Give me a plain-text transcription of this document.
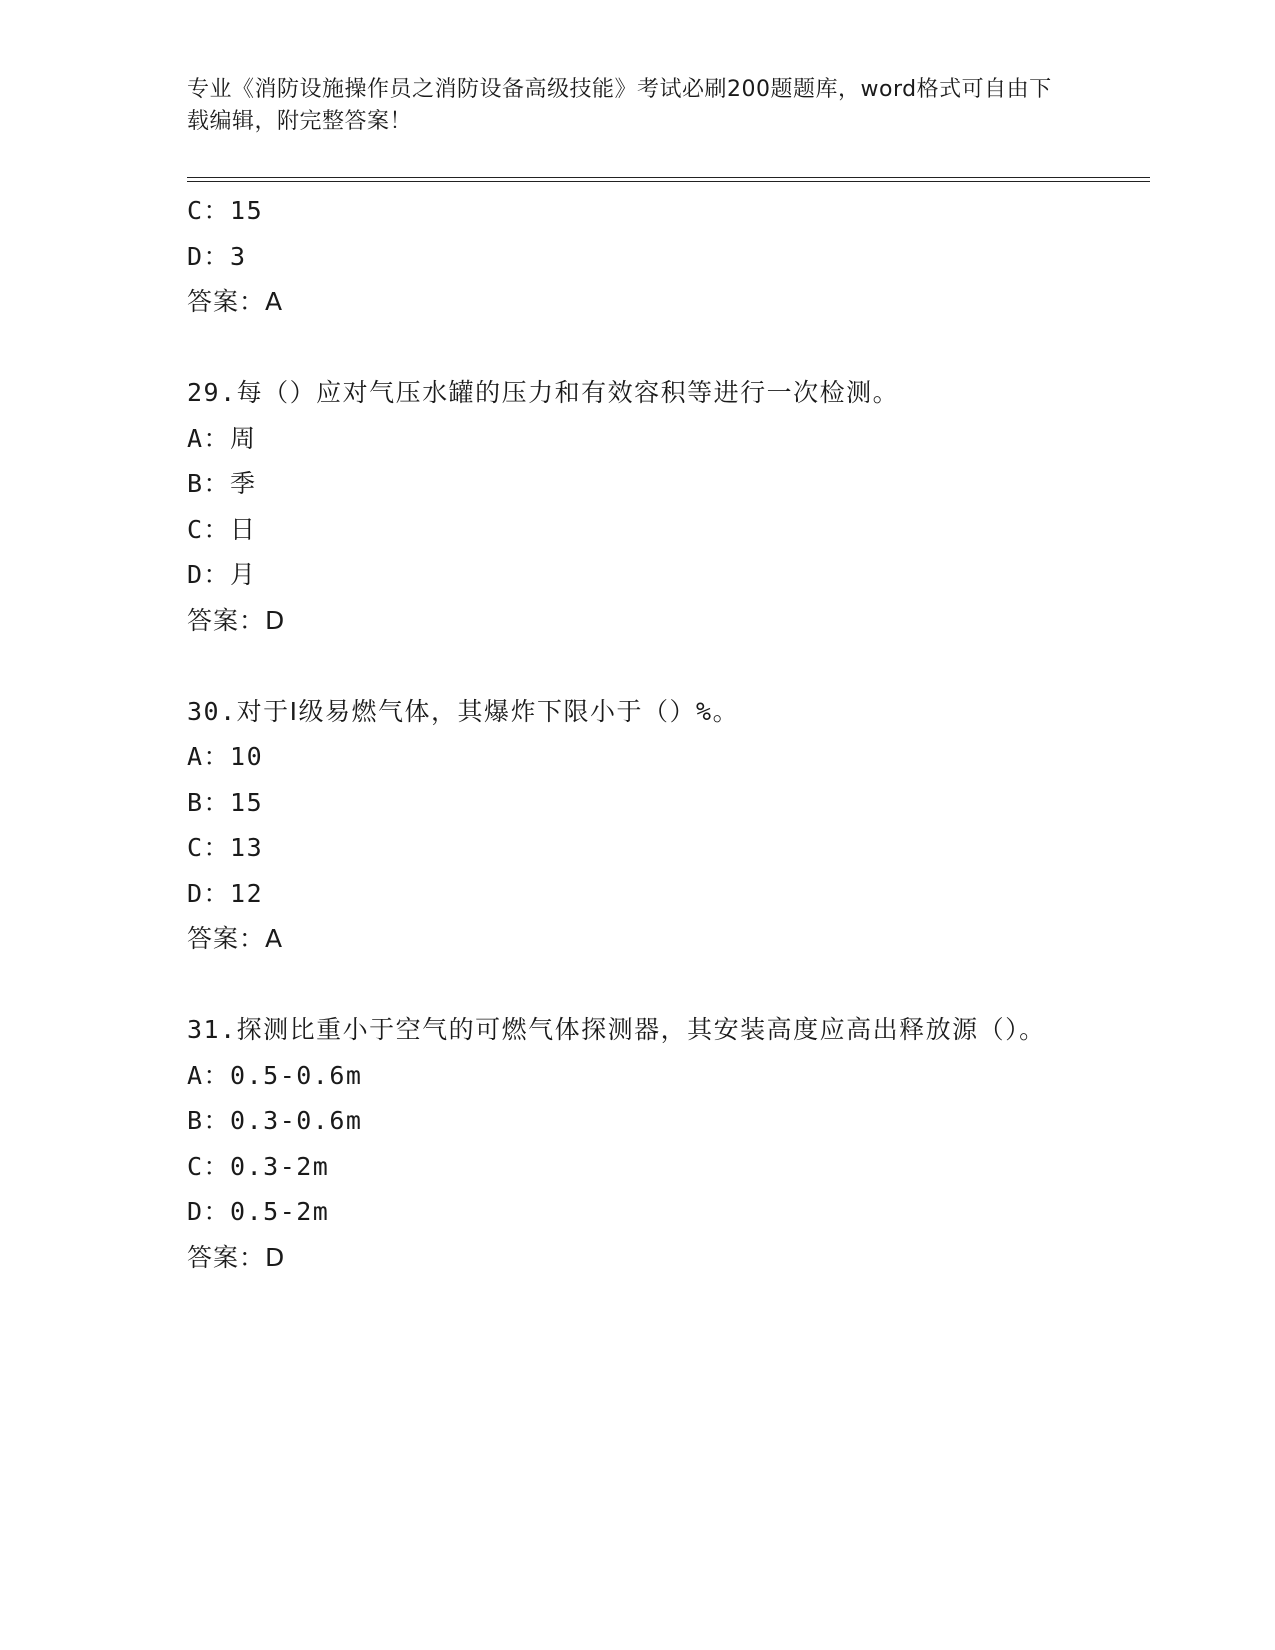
专业《消防设施操作员之消防设备高级技能》考试必刷200题题库，word格式可自由下载编辑，附完整答案！
C：15
D：3
答案：A
29.每（）应对气压水罐的压力和有效容积等进行一次检测。
A：周
B：季
C：日
D：月
答案：D
30.对于Ⅰ级易燃气体，其爆炸下限小于（）%。
A：10
B：15
C：13
D：12
答案：A
31.探测比重小于空气的可燃气体探测器，其安装高度应高出释放源（）。
A：0.5-0.6m
B：0.3-0.6m
C：0.3-2m
D：0.5-2m
答案：D
